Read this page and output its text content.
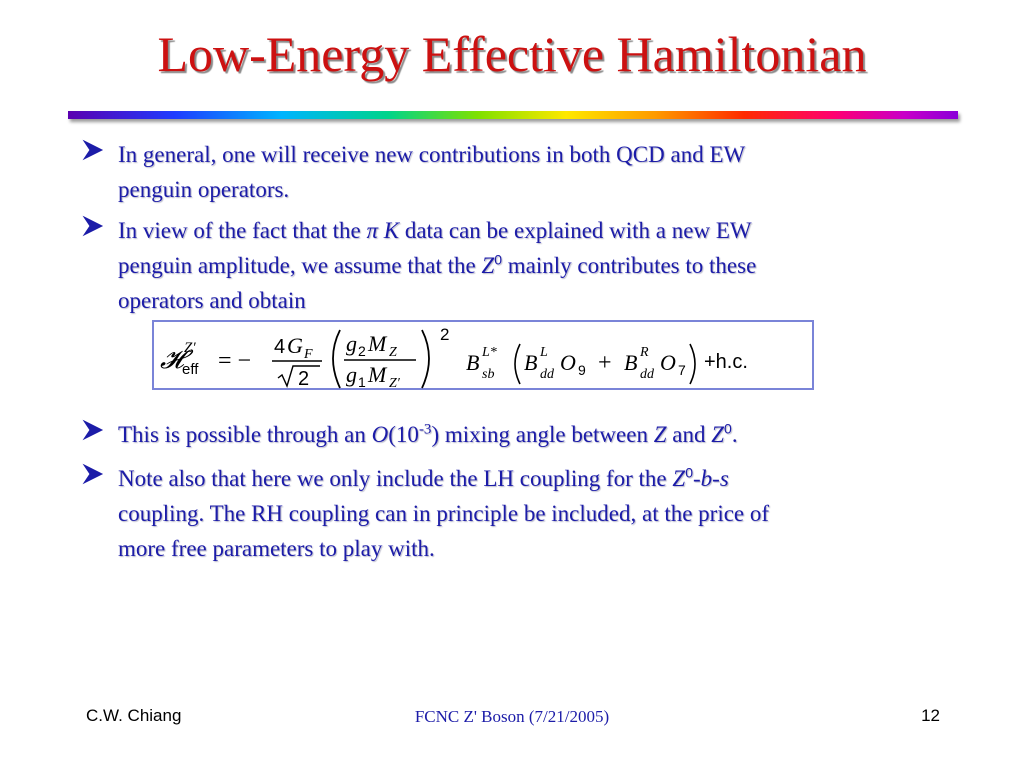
Low-Energy Effective Hamiltonian
In general, one will receive new contributions in both QCD and EW
penguin operators.
In view of the fact that the π K data can be explained with a new EW
penguin amplitude, we assume that the $Z^0$ mainly contributes to these
operators and obtain
This is possible through an $O(10^{-3})$ mixing angle between Z and $Z^0$.
Note also that here we only include the LH coupling for the $Z^0-b-s$
coupling. The RH coupling can in principle be included, at the price of
more free parameters to play with.
𝓗 Z′
eff = −
4 G F
2
g 2 M Z
g 1 M Z′
2
B L*
sb B L
dd O 9 + B R
dd O 7 +h.c.
C.W. Chiang	FCNC Z' Boson (7/21/2005)	12
